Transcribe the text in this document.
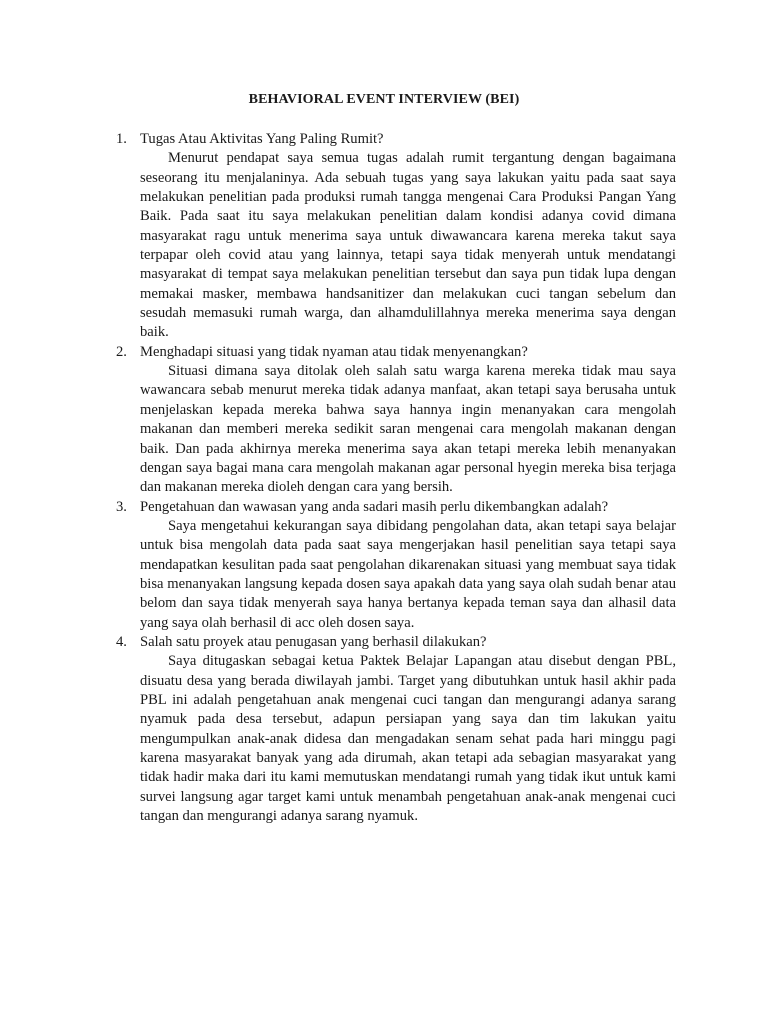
BEHAVIORAL EVENT INTERVIEW (BEI)
1. Tugas Atau Aktivitas Yang Paling Rumit?
Menurut pendapat saya semua tugas adalah rumit tergantung dengan bagaimana seseorang itu menjalaninya. Ada sebuah tugas yang saya lakukan yaitu pada saat saya melakukan penelitian pada produksi rumah tangga mengenai Cara Produksi Pangan Yang Baik. Pada saat itu saya melakukan penelitian dalam kondisi adanya covid dimana masyarakat ragu untuk menerima saya untuk diwawancara karena mereka takut saya terpapar oleh covid atau yang lainnya, tetapi saya tidak menyerah untuk mendatangi masyarakat di tempat saya melakukan penelitian tersebut dan saya pun tidak lupa dengan memakai masker, membawa handsanitizer dan melakukan cuci tangan sebelum dan sesudah memasuki rumah warga, dan alhamdulillahnya mereka menerima saya dengan baik.
2. Menghadapi situasi yang tidak nyaman atau tidak menyenangkan?
Situasi dimana saya ditolak oleh salah satu warga karena mereka tidak mau saya wawancara sebab menurut mereka tidak adanya manfaat, akan tetapi saya berusaha untuk menjelaskan kepada mereka bahwa saya hannya ingin menanyakan cara mengolah makanan dan memberi mereka sedikit saran mengenai cara mengolah makanan dengan baik. Dan pada akhirnya mereka menerima saya akan tetapi mereka lebih menanyakan dengan saya bagai mana cara mengolah makanan agar personal hyegin mereka bisa terjaga dan makanan mereka dioleh dengan cara yang bersih.
3. Pengetahuan dan wawasan yang anda sadari masih perlu dikembangkan adalah?
Saya mengetahui kekurangan saya dibidang pengolahan data, akan tetapi saya belajar untuk bisa mengolah data pada saat saya mengerjakan hasil penelitian saya tetapi saya mendapatkan kesulitan pada saat pengolahan dikarenakan situasi yang membuat saya tidak bisa menanyakan langsung kepada dosen saya apakah data yang saya olah sudah benar atau belom dan saya tidak menyerah saya hanya bertanya kepada teman saya dan alhasil data yang saya olah berhasil di acc oleh dosen saya.
4. Salah satu proyek atau penugasan yang berhasil dilakukan?
Saya ditugaskan sebagai ketua Paktek Belajar Lapangan atau disebut dengan PBL, disuatu desa yang berada diwilayah jambi. Target yang dibutuhkan untuk hasil akhir pada PBL ini adalah pengetahuan anak mengenai cuci tangan dan mengurangi adanya sarang nyamuk pada desa tersebut, adapun persiapan yang saya dan tim lakukan yaitu mengumpulkan anak-anak didesa dan mengadakan senam sehat pada hari minggu pagi karena masyarakat banyak yang ada dirumah, akan tetapi ada sebagian masyarakat yang tidak hadir maka dari itu kami memutuskan mendatangi rumah yang tidak ikut untuk kami survei langsung agar target kami untuk menambah pengetahuan anak-anak mengenai cuci tangan dan mengurangi adanya sarang nyamuk.
